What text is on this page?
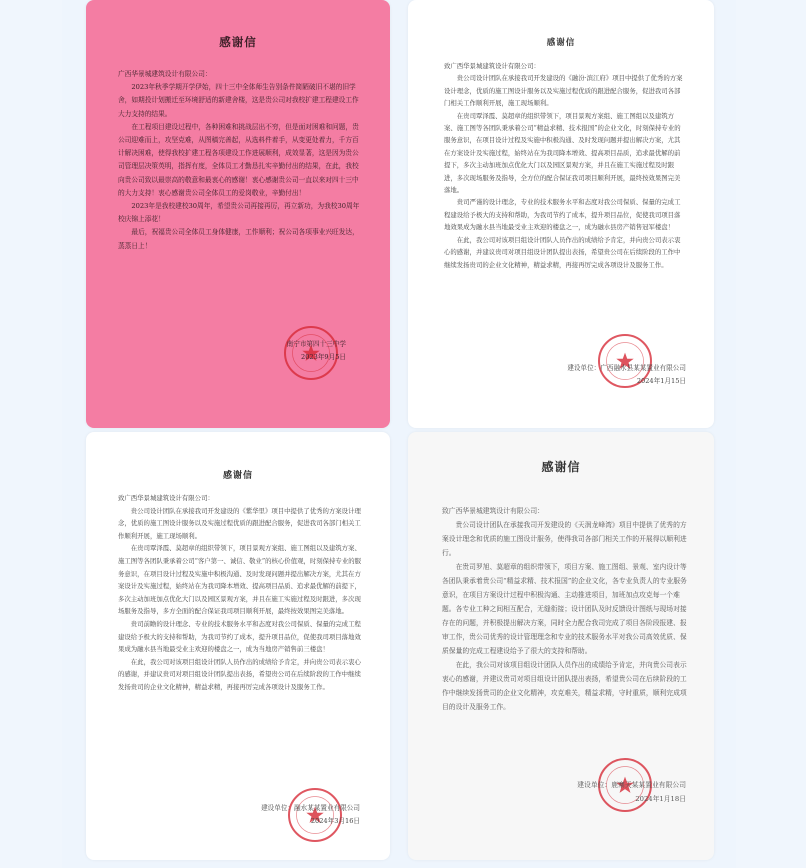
感谢信

广西华景城建筑设计有限公司：

2023年秋季学期开学伊始，四十三中全体师生告别条件简陋破旧不堪的旧学舍，如期投计划搬迁至环境舒适的新建舍楼，这是贵公司对我校扩建工程建设工作大力支持的结果。

在工程项目建设过程中，各种困难和挑战层出不穷，但是面对困难和问题，贵公司迎难而上，攻坚克难，从图稿完善起，从选料件着手，从变更处着力，千方百计解决困难，使得我校扩建工程各项建设工作进展顺利，成效显著，这是因为贵公司管理层决策英明，指挥有度，全体员工才勤恳扎实辛勤付出的结果，在此，我校向贵公司致以最崇高的敬意和最衷心的感谢！衷心感谢贵公司一直以来对四十三中的大力支持！衷心感谢贵公司全体员工的爱岗敬业，辛勤付出！

2023年是我校建校30周年，希望贵公司再接再厉，再立新功，为我校30周年校庆锦上添花！

最后，祝福贵公司全体员工身体健康，工作顺利；祝公司各项事业兴旺发达，蒸蒸日上！

南宁市第四十三中学
2023年9月5日
感谢信

致广西华景城建筑设计有限公司：

贵公司设计团队在承接我司开发建设的《融汾·滨江府》项目中提供了优秀的方案设计理念，优质的施工图设计服务以及实施过程优质的跟进配合服务，促进我司各部门相关工作顺利开展，施工现场顺利。

在贵司覃泽霞、莫超章的组织带领下，项目景观方案组、施工图组以及建筑方案、施工图等各团队秉承着公司“精益求精、技术报国”的企业文化，时刻保持专业的服务意识，在项目设计过程及实施中积极沟通、及时发现问题并提出解决方案，尤其在方案设计及实施过程，始终站在为我司降本增效、提高项目品质，追求最优解的前提下，多次主动加班加点优化大门以及园区景观方案，并且在施工实施过程及时跟进，多次现场服务及指导，全方位的配合保证我司项目顺利开展，最终按效果图完美落地。

贵司严谨的设计理念，专业的技术服务水平和态度对我公司保质、保量的完成工程建设给予极大的支持和帮助，为我司节约了成本，提升项目品位，促使我司项目落地效果成为融水县当地最受业主欢迎的楼盘之一，成为融水县房产销售冠军楼盘！

在此，我公司对该项目组设计团队人员作出的成绩给予肯定，并向贵公司表示衷心的感谢，并建议贵司对项目组设计团队提出表扬，希望贵公司在后续阶段的工作中继续发扬贵司的企业文化精神，精益求精，再接再厉完成各项设计及服务工作。

建设单位：广西融水县某某置业有限公司
2024年1月15日
感谢信

致广西华景城建筑设计有限公司：

贵公司设计团队在承接我司开发建设的《紫华里》项目中提供了优秀的方案设计理念，优质的施工图设计服务以及实施过程优质的跟进配合服务，促进我司各部门相关工作顺利开展，施工现场顺利。

在贵司覃泽霞、莫超章的组织带领下，项目景观方案组、施工图组以及建筑方案、施工图等各团队秉承着公司“客户第一、诚信、敬业”的核心价值观，时刻保持专业的服务意识，在项目设计过程及实施中积极沟通、及时发现问题并提出解决方案，尤其在方案设计及实施过程，始终站在为我司降本增效、提高项目品质、追求最优解的前提下，多次主动加班加点优化大门以及园区景观方案，并且在施工实施过程及时跟进，多次现场服务及指导，多方全面的配合保证我司项目顺利开展，最终按效果图完美落地。

贵司前瞻的设计理念、专业的技术服务水平和态度对我公司保质、保量的完成工程建设给予极大的支持和帮助，为我司节约了成本，提升项目品位，促使我司项目落地效果成为融水县当地最受业主欢迎的楼盘之一，成为当地房产销售前三楼盘！

在此，我公司对该项目组设计团队人员作出的成绩给予肯定，并向贵公司表示衷心的感谢，并建议贵司对项目组设计团队提出表扬，希望贵公司在后续阶段的工作中继续发扬贵司的企业文化精神，精益求精，再接再厉完成各项设计及服务工作。

建设单位：融水某某置业有限公司
2024年3月16日
感谢信

致广西华景城建筑设计有限公司：

贵公司设计团队在承接我司开发建设的《天润龙峰湾》项目中提供了优秀的方案设计理念和优质的施工图设计服务，使得我司各部门相关工作的开展得以顺利进行。

在贵司罗旭、莫超章的组织带领下，项目方案、施工图组、景观、室内设计等各团队秉承着贵公司“精益求精、技术报国”的企业文化，各专业负责人的专业服务意识，在项目方案设计过程中积极沟通、主动推进项目，加班加点攻克每一个难题。各专业工种之间相互配合，无缝衔接；设计团队及时反馈设计图纸与现场对接存在的问题，并积极提出解决方案，同时全力配合我司完成了项目各阶段报建、报审工作，贵公司优秀的设计管理理念和专业的技术服务水平对我公司高效优质、保质保量的完成工程建设给予了很大的支持和帮助。

在此，我公司对该项目组设计团队人员作出的成绩给予肯定，并向贵公司表示衷心的感谢，并建议贵司对项目组设计团队提出表扬，希望贵公司在后续阶段的工作中继续发扬贵司的企业文化精神，攻克难关，精益求精，守时重质，顺利完成项目的设计及服务工作。

建设单位：鹿寨天某某置业有限公司
2024年1月18日
